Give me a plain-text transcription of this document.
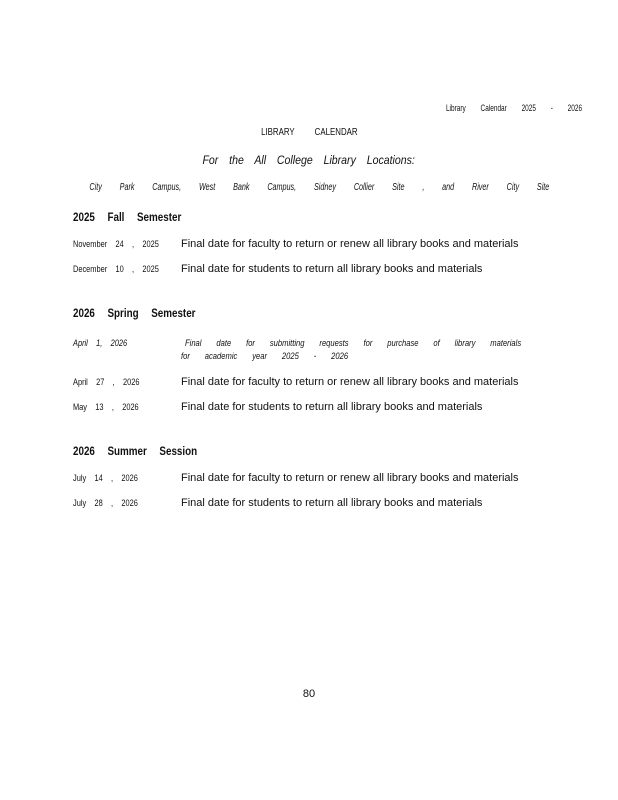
Library Calendar 2025 - 2026
LIBRARY CALENDAR
For the All College Library Locations:
City Park Campus, West Bank Campus, Sidney Collier Site , and River City Site
2025 Fall Semester
November 24 , 2025 Final date for faculty to return or renew all library books and materials
December 10 , 2025 Final date for students to return all library books and materials
2026 Spring Semester
April 1, 2026	Final date for submitting requests for purchase of library materials
for academic year 2025 - 2026
April 27 , 2026	Final date for faculty to return or renew all library books and materials
May 13 , 2026	Final date for students to return all library books and materials
2026 Summer Session
July 14 , 2026	Final date for faculty to return or renew all library books and materials
July 28 , 2026	Final date for students to return all library books and materials
80
